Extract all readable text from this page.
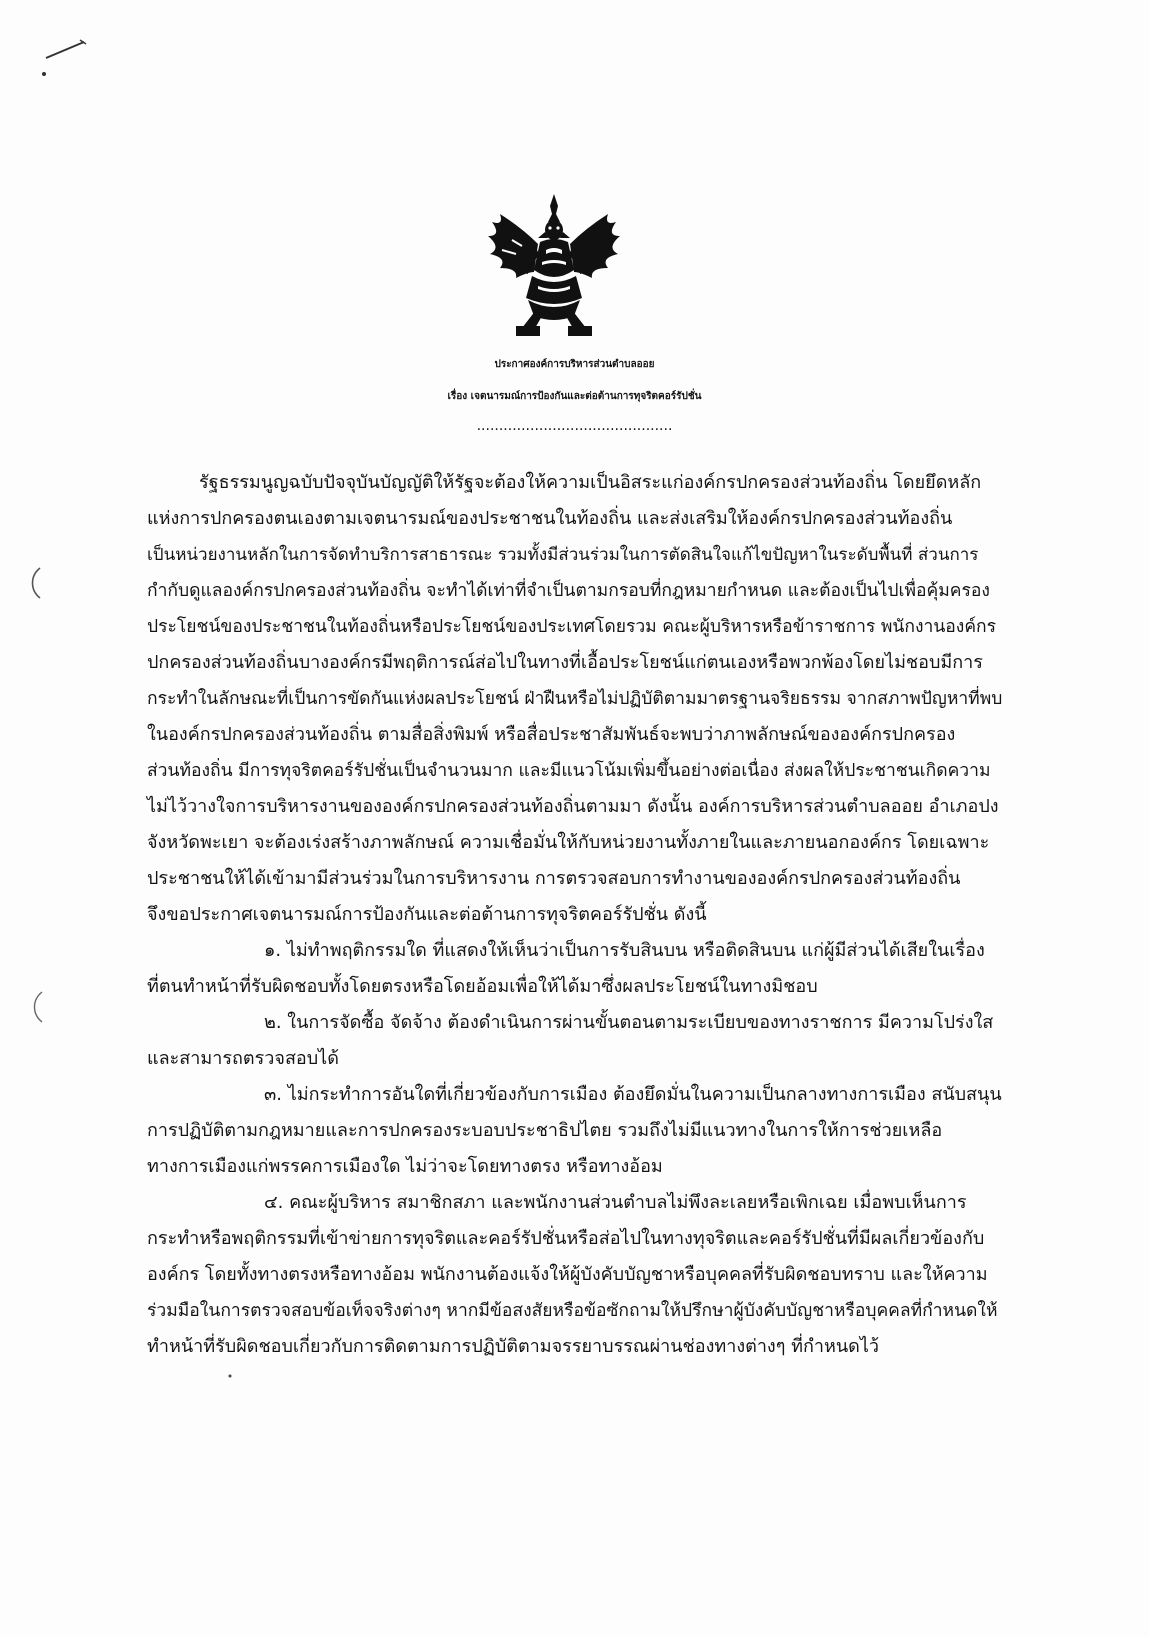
ประกาศองค์การบริหารส่วนตำบลออย
เรื่อง เจตนารมณ์การป้องกันและต่อต้านการทุจริตคอร์รัปชั่น
............................................
รัฐธรรมนูญฉบับปัจจุบันบัญญัติให้รัฐจะต้องให้ความเป็นอิสระแก่องค์กรปกครองส่วนท้องถิ่น โดยยึดหลัก
แห่งการปกครองตนเองตามเจตนารมณ์ของประชาชนในท้องถิ่น และส่งเสริมให้องค์กรปกครองส่วนท้องถิ่น
เป็นหน่วยงานหลักในการจัดทำบริการสาธารณะ รวมทั้งมีส่วนร่วมในการตัดสินใจแก้ไขปัญหาในระดับพื้นที่ ส่วนการ
กำกับดูแลองค์กรปกครองส่วนท้องถิ่น จะทำได้เท่าที่จำเป็นตามกรอบที่กฎหมายกำหนด และต้องเป็นไปเพื่อคุ้มครอง
ประโยชน์ของประชาชนในท้องถิ่นหรือประโยชน์ของประเทศโดยรวม คณะผู้บริหารหรือข้าราชการ พนักงานองค์กร
ปกครองส่วนท้องถิ่นบางองค์กรมีพฤติการณ์ส่อไปในทางที่เอื้อประโยชน์แก่ตนเองหรือพวกพ้องโดยไม่ชอบมีการ
กระทำในลักษณะที่เป็นการขัดกันแห่งผลประโยชน์ ฝ่าฝืนหรือไม่ปฏิบัติตามมาตรฐานจริยธรรม จากสภาพปัญหาที่พบ
ในองค์กรปกครองส่วนท้องถิ่น ตามสื่อสิ่งพิมพ์ หรือสื่อประชาสัมพันธ์จะพบว่าภาพลักษณ์ขององค์กรปกครอง
ส่วนท้องถิ่น มีการทุจริตคอร์รัปชั่นเป็นจำนวนมาก และมีแนวโน้มเพิ่มขึ้นอย่างต่อเนื่อง ส่งผลให้ประชาชนเกิดความ
ไม่ไว้วางใจการบริหารงานขององค์กรปกครองส่วนท้องถิ่นตามมา ดังนั้น องค์การบริหารส่วนตำบลออย อำเภอปง
จังหวัดพะเยา จะต้องเร่งสร้างภาพลักษณ์ ความเชื่อมั่นให้กับหน่วยงานทั้งภายในและภายนอกองค์กร โดยเฉพาะ
ประชาชนให้ได้เข้ามามีส่วนร่วมในการบริหารงาน การตรวจสอบการทำงานขององค์กรปกครองส่วนท้องถิ่น
จึงขอประกาศเจตนารมณ์การป้องกันและต่อต้านการทุจริตคอร์รัปชั่น ดังนี้
๑. ไม่ทำพฤติกรรมใด ที่แสดงให้เห็นว่าเป็นการรับสินบน หรือติดสินบน แก่ผู้มีส่วนได้เสียในเรื่อง
ที่ตนทำหน้าที่รับผิดชอบทั้งโดยตรงหรือโดยอ้อมเพื่อให้ได้มาซึ่งผลประโยชน์ในทางมิชอบ
๒. ในการจัดซื้อ จัดจ้าง ต้องดำเนินการผ่านขั้นตอนตามระเบียบของทางราชการ มีความโปร่งใส
และสามารถตรวจสอบได้
๓. ไม่กระทำการอันใดที่เกี่ยวข้องกับการเมือง ต้องยึดมั่นในความเป็นกลางทางการเมือง สนับสนุน
การปฏิบัติตามกฎหมายและการปกครองระบอบประชาธิปไตย รวมถึงไม่มีแนวทางในการให้การช่วยเหลือ
ทางการเมืองแก่พรรคการเมืองใด ไม่ว่าจะโดยทางตรง หรือทางอ้อม
๔. คณะผู้บริหาร สมาชิกสภา และพนักงานส่วนตำบลไม่พึงละเลยหรือเพิกเฉย เมื่อพบเห็นการ
กระทำหรือพฤติกรรมที่เข้าข่ายการทุจริตและคอร์รัปชั่นหรือส่อไปในทางทุจริตและคอร์รัปชั่นที่มีผลเกี่ยวข้องกับ
องค์กร โดยทั้งทางตรงหรือทางอ้อม พนักงานต้องแจ้งให้ผู้บังคับบัญชาหรือบุคคลที่รับผิดชอบทราบ และให้ความ
ร่วมมือในการตรวจสอบข้อเท็จจริงต่างๆ หากมีข้อสงสัยหรือข้อซักถามให้ปรึกษาผู้บังคับบัญชาหรือบุคคลที่กำหนดให้
ทำหน้าที่รับผิดชอบเกี่ยวกับการติดตามการปฏิบัติตามจรรยาบรรณผ่านช่องทางต่างๆ ที่กำหนดไว้
